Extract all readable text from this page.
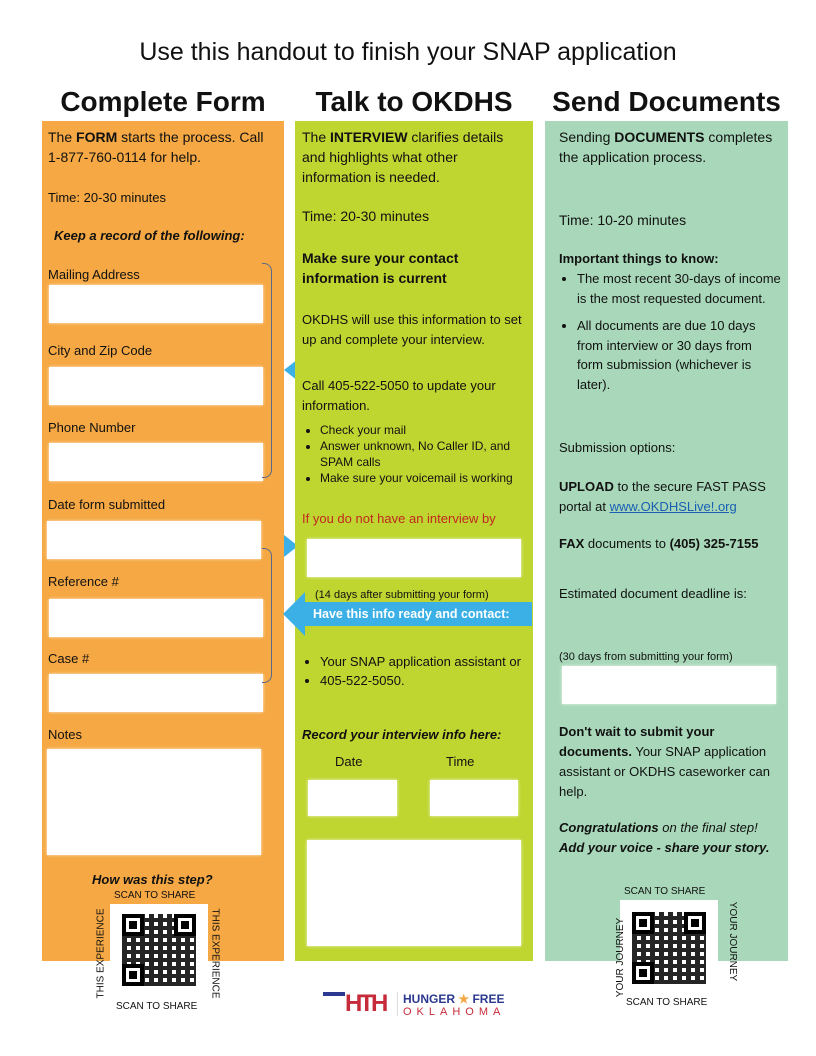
Use this handout to finish your SNAP application
Complete Form	Talk to OKDHS	Send Documents
The FORM starts the process. Call 1-877-760-0114 for help.
Time: 20-30 minutes
Keep a record of the following:
Mailing Address
City and Zip Code
Phone Number
Date form submitted
Reference #
Case #
Notes
How was this step?
SCAN TO SHARE
THIS EXPERIENCE	THIS EXPERIENCE
SCAN TO SHARE
The INTERVIEW clarifies details and highlights what other information is needed.
Time: 20-30 minutes
Make sure your contact information is current
OKDHS will use this information to set up and complete your interview.
Call 405-522-5050 to update your information.
• Check your mail
• Answer unknown, No Caller ID, and SPAM calls
• Make sure your voicemail is working
If you do not have an interview by
(14 days after submitting your form)
Have this info ready and contact:
• Your SNAP application assistant or
• 405-522-5050.
Record your interview info here:
Date	Time
HTH HUNGER ★ FREE
OKLAHOMA
Sending DOCUMENTS completes the application process.
Time: 10-20 minutes
Important things to know:
• The most recent 30-days of income is the most requested document.
• All documents are due 10 days from interview or 30 days from form submission (whichever is later).
Submission options:
UPLOAD to the secure FAST PASS portal at www.OKDHSLive!.org
FAX documents to (405) 325-7155
Estimated document deadline is:
(30 days from submitting your form)
Don't wait to submit your documents. Your SNAP application assistant or OKDHS caseworker can help.
Congratulations on the final step!
Add your voice - share your story.
SCAN TO SHARE
YOUR JOURNEY	YOUR JOURNEY
SCAN TO SHARE
